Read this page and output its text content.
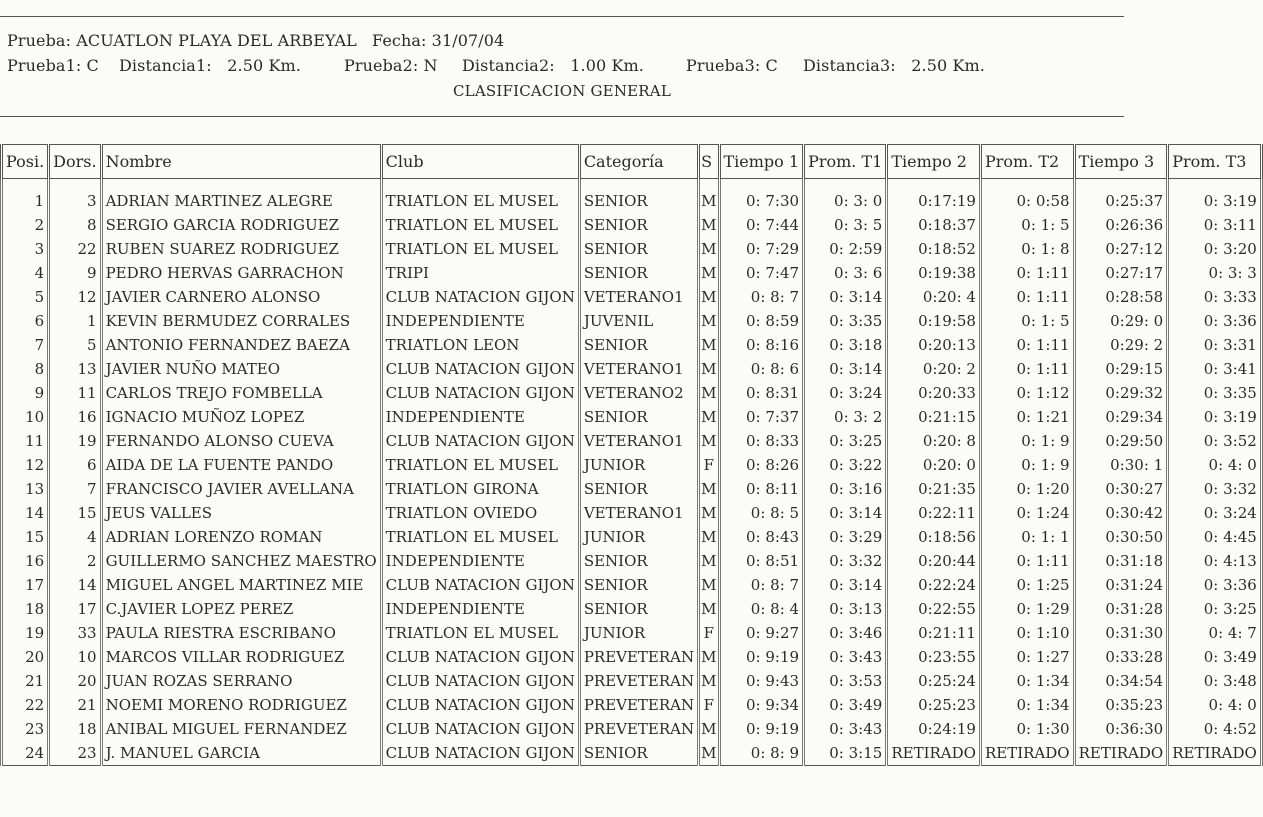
Prueba: ACUATLON PLAYA DEL ARBEYAL

Fecha: 31/07/04

Prueba1: C

Distancia1:   2.50 Km.

	Prueba2: N

Distancia2:   1.00 Km.

	Prueba3: C

Distancia3:   2.50 Km.

CLASIFICACION GENERAL
Posi.	Dors.	Nombre	Club	Categoría	S	Tiempo 1	Prom. T1	Tiempo 2	Prom. T2	Tiempo 3	Prom. T3
1	3	ADRIAN MARTINEZ ALEGRE	TRIATLON EL MUSEL	SENIOR	M	0: 7:30	0: 3: 0	0:17:19	0: 0:58	0:25:37	0: 3:19
2	8	SERGIO GARCIA RODRIGUEZ	TRIATLON EL MUSEL	SENIOR	M	0: 7:44	0: 3: 5	0:18:37	0: 1: 5	0:26:36	0: 3:11
3	22	RUBEN SUAREZ RODRIGUEZ	TRIATLON EL MUSEL	SENIOR	M	0: 7:29	0: 2:59	0:18:52	0: 1: 8	0:27:12	0: 3:20
4	9	PEDRO HERVAS GARRACHON	TRIPI	SENIOR	M	0: 7:47	0: 3: 6	0:19:38	0: 1:11	0:27:17	0: 3: 3
5	12	JAVIER CARNERO ALONSO	CLUB NATACION GIJON	VETERANO1	M	0: 8: 7	0: 3:14	0:20: 4	0: 1:11	0:28:58	0: 3:33
6	1	KEVIN BERMUDEZ CORRALES	INDEPENDIENTE	JUVENIL	M	0: 8:59	0: 3:35	0:19:58	0: 1: 5	0:29: 0	0: 3:36
7	5	ANTONIO FERNANDEZ BAEZA	TRIATLON LEON	SENIOR	M	0: 8:16	0: 3:18	0:20:13	0: 1:11	0:29: 2	0: 3:31
8	13	JAVIER NUÑO MATEO	CLUB NATACION GIJON	VETERANO1	M	0: 8: 6	0: 3:14	0:20: 2	0: 1:11	0:29:15	0: 3:41
9	11	CARLOS TREJO FOMBELLA	CLUB NATACION GIJON	VETERANO2	M	0: 8:31	0: 3:24	0:20:33	0: 1:12	0:29:32	0: 3:35
10	16	IGNACIO MUÑOZ LOPEZ	INDEPENDIENTE	SENIOR	M	0: 7:37	0: 3: 2	0:21:15	0: 1:21	0:29:34	0: 3:19
11	19	FERNANDO ALONSO CUEVA	CLUB NATACION GIJON	VETERANO1	M	0: 8:33	0: 3:25	0:20: 8	0: 1: 9	0:29:50	0: 3:52
12	6	AIDA DE LA FUENTE PANDO	TRIATLON EL MUSEL	JUNIOR	F	0: 8:26	0: 3:22	0:20: 0	0: 1: 9	0:30: 1	0: 4: 0
13	7	FRANCISCO JAVIER AVELLANA	TRIATLON GIRONA	SENIOR	M	0: 8:11	0: 3:16	0:21:35	0: 1:20	0:30:27	0: 3:32
14	15	JEUS VALLES	TRIATLON OVIEDO	VETERANO1	M	0: 8: 5	0: 3:14	0:22:11	0: 1:24	0:30:42	0: 3:24
15	4	ADRIAN LORENZO ROMAN	TRIATLON EL MUSEL	JUNIOR	M	0: 8:43	0: 3:29	0:18:56	0: 1: 1	0:30:50	0: 4:45
16	2	GUILLERMO SANCHEZ MAESTRO	INDEPENDIENTE	SENIOR	M	0: 8:51	0: 3:32	0:20:44	0: 1:11	0:31:18	0: 4:13
17	14	MIGUEL ANGEL MARTINEZ MIE	CLUB NATACION GIJON	SENIOR	M	0: 8: 7	0: 3:14	0:22:24	0: 1:25	0:31:24	0: 3:36
18	17	C.JAVIER LOPEZ PEREZ	INDEPENDIENTE	SENIOR	M	0: 8: 4	0: 3:13	0:22:55	0: 1:29	0:31:28	0: 3:25
19	33	PAULA RIESTRA ESCRIBANO	TRIATLON EL MUSEL	JUNIOR	F	0: 9:27	0: 3:46	0:21:11	0: 1:10	0:31:30	0: 4: 7
20	10	MARCOS VILLAR RODRIGUEZ	CLUB NATACION GIJON	PREVETERAN	M	0: 9:19	0: 3:43	0:23:55	0: 1:27	0:33:28	0: 3:49
21	20	JUAN ROZAS SERRANO	CLUB NATACION GIJON	PREVETERAN	M	0: 9:43	0: 3:53	0:25:24	0: 1:34	0:34:54	0: 3:48
22	21	NOEMI MORENO RODRIGUEZ	CLUB NATACION GIJON	PREVETERAN	F	0: 9:34	0: 3:49	0:25:23	0: 1:34	0:35:23	0: 4: 0
23	18	ANIBAL MIGUEL FERNANDEZ	CLUB NATACION GIJON	PREVETERAN	M	0: 9:19	0: 3:43	0:24:19	0: 1:30	0:36:30	0: 4:52
24	23	J. MANUEL GARCIA	CLUB NATACION GIJON	SENIOR	M	0: 8: 9	0: 3:15	RETIRADO	RETIRADO	RETIRADO	RETIRADO
